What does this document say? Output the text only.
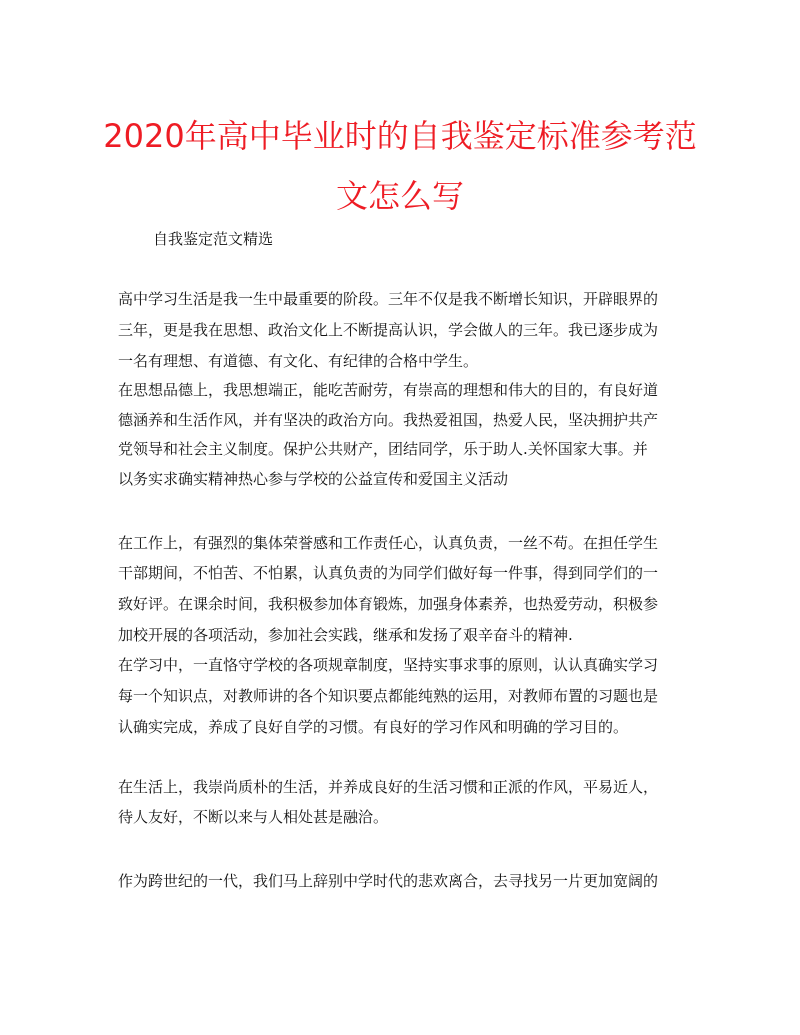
2020年高中毕业时的自我鉴定标准参考范
文怎么写
自我鉴定范文精选
高中学习生活是我一生中最重要的阶段。三年不仅是我不断增长知识，开辟眼界的
三年，更是我在思想、政治文化上不断提高认识，学会做人的三年。我已逐步成为
一名有理想、有道德、有文化、有纪律的合格中学生。
在思想品德上，我思想端正，能吃苦耐劳，有崇高的理想和伟大的目的，有良好道
德涵养和生活作风，并有坚决的政治方向。我热爱祖国，热爱人民，坚决拥护共产
党领导和社会主义制度。保护公共财产，团结同学，乐于助人.关怀国家大事。并
以务实求确实精神热心参与学校的公益宣传和爱国主义活动
在工作上，有强烈的集体荣誉感和工作责任心，认真负责，一丝不苟。在担任学生
干部期间，不怕苦、不怕累，认真负责的为同学们做好每一件事，得到同学们的一
致好评。在课余时间，我积极参加体育锻炼，加强身体素养，也热爱劳动，积极参
加校开展的各项活动，参加社会实践，继承和发扬了艰辛奋斗的精神.
在学习中，一直恪守学校的各项规章制度，坚持实事求事的原则，认认真确实学习
每一个知识点，对教师讲的各个知识要点都能纯熟的运用，对教师布置的习题也是
认确实完成，养成了良好自学的习惯。有良好的学习作风和明确的学习目的。
在生活上，我崇尚质朴的生活，并养成良好的生活习惯和正派的作风，平易近人，
待人友好，不断以来与人相处甚是融洽。
作为跨世纪的一代，我们马上辞别中学时代的悲欢离合，去寻找另一片更加宽阔的
